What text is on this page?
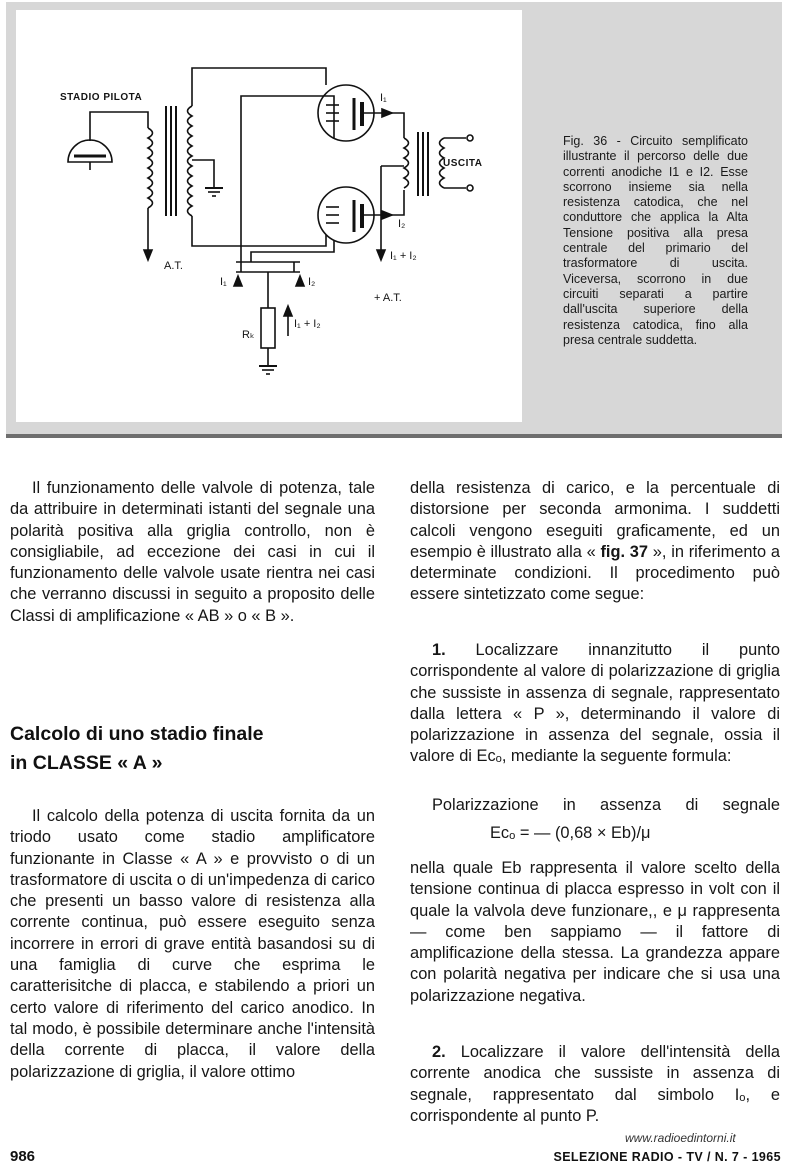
STADIO PILOTA
USCITA
A.T.
+ A.T.
I₁
I₂
I₁ + I₂
I₁	I₂
I₁ + I₂
Rₖ
Fig. 36 - Circuito semplificato illustrante il percorso delle due correnti anodiche I1 e I2. Esse scorrono insieme sia nella resistenza catodica, che nel conduttore che applica la Alta Tensione positiva alla presa centrale del primario del trasformatore di uscita. Viceversa, scorrono in due circuiti separati a partire dall'uscita superiore della resistenza catodica, fino alla presa centrale suddetta.

Il funzionamento delle valvole di potenza, tale da attribuire in determinati istanti del segnale una polarità positiva alla griglia controllo, non è consigliabile, ad eccezione dei casi in cui il funzionamento delle valvole usate rientra nei casi che verranno discussi in seguito a proposito delle Classi di amplificazione « AB » o « B ».

Calcolo di uno stadio finale
in CLASSE « A »

Il calcolo della potenza di uscita fornita da un triodo usato come stadio amplificatore funzionante in Classe « A » e provvisto o di un trasformatore di uscita o di un'impedenza di carico che presenti un basso valore di resistenza alla corrente continua, può essere eseguito senza incorrere in errori di grave entità basandosi su di una famiglia di curve che esprima le caratterisitche di placca, e stabilendo a priori un certo valore di riferimento del carico anodico. In tal modo, è possibile determinare anche l'intensità della corrente di placca, il valore della polarizzazione di griglia, il valore ottimo

della resistenza di carico, e la percentuale di distorsione per seconda armonima. I suddetti calcoli vengono eseguiti graficamente, ed un esempio è illustrato alla « fig. 37 », in riferimento a determinate condizioni. Il procedimento può essere sintetizzato come segue:

1. Localizzare innanzitutto il punto corrispondente al valore di polarizzazione di griglia che sussiste in assenza di segnale, rappresentato dalla lettera « P », determinando il valore di polarizzazione in assenza del segnale, ossia il valore di Ecₒ, mediante la seguente formula:

Polarizzazione in assenza di segnale
Ecₒ = — (0,68 × Eb)/μ

nella quale Eb rappresenta il valore scelto della tensione continua di placca espresso in volt con il quale la valvola deve funzionare,, e μ rappresenta — come ben sappiamo — il fattore di amplificazione della stessa. La grandezza appare con polarità negativa per indicare che si usa una polarizzazione negativa.

2. Localizzare il valore dell'intensità della corrente anodica che sussiste in assenza di segnale, rappresentato dal simbolo Iₒ, e corrispondente al punto P.

www.radioedintorni.it
986	SELEZIONE RADIO - TV / N. 7 - 1965
